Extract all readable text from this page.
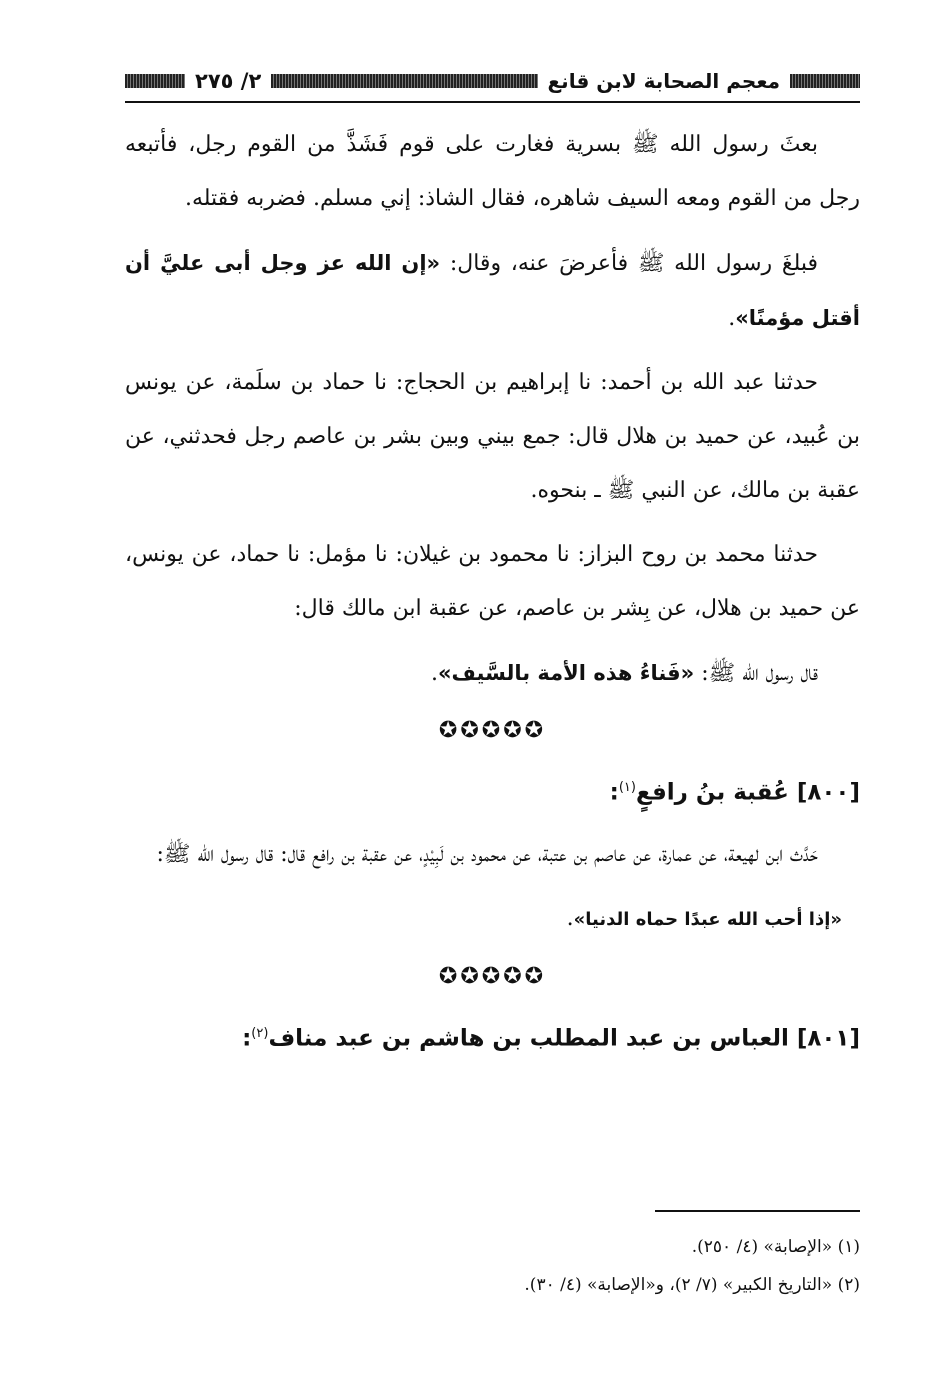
معجم الصحابة لابن قانع
٢/ ٢٧٥

بعثَ رسول الله ﷺ بسرية فغارت على قوم فَشَذَّ من القوم رجل، فأتبعه رجل من القوم ومعه السيف شاهره، فقال الشاذ: إني مسلم. فضربه فقتله.

فبلغَ رسول الله ﷺ فأعرضَ عنه، وقال: «إن الله عز وجل أبى عليَّ أن أقتل مؤمنًا».

حدثنا عبد الله بن أحمد: نا إبراهيم بن الحجاج: نا حماد بن سلَمة، عن يونس بن عُبيد، عن حميد بن هلال قال: جمع بيني وبين بشر بن عاصم رجل فحدثني، عن عقبة بن مالك، عن النبي ﷺ ـ بنحوه.

حدثنا محمد بن روح البزاز: نا محمود بن غيلان: نا مؤمل: نا حماد، عن يونس، عن حميد بن هلال، عن بِشر بن عاصم، عن عقبة ابن مالك قال:

قال رسول الله ﷺ: «فَناءُ هذه الأمة بالسَّيف».

✪✪✪✪✪
[٨٠٠] عُقبة بنُ رافعٍ$^{(١)}$:

حَدَّث ابن لهيعة، عن عمارة، عن عاصم بن عتبة، عن محمود بن لَبِيْدٍ، عن عقبة بن رافع قال: قال رسول الله ﷺ:

«إذا أحب الله عبدًا حماه الدنيا».

✪✪✪✪✪
[٨٠١] العباس بن عبد المطلب بن هاشم بن عبد مناف$^{(٢)}$:
(١) «الإصابة» (٤/ ٢٥٠).
(٢) «التاريخ الكبير» (٧/ ٢)، و«الإصابة» (٤/ ٣٠).
